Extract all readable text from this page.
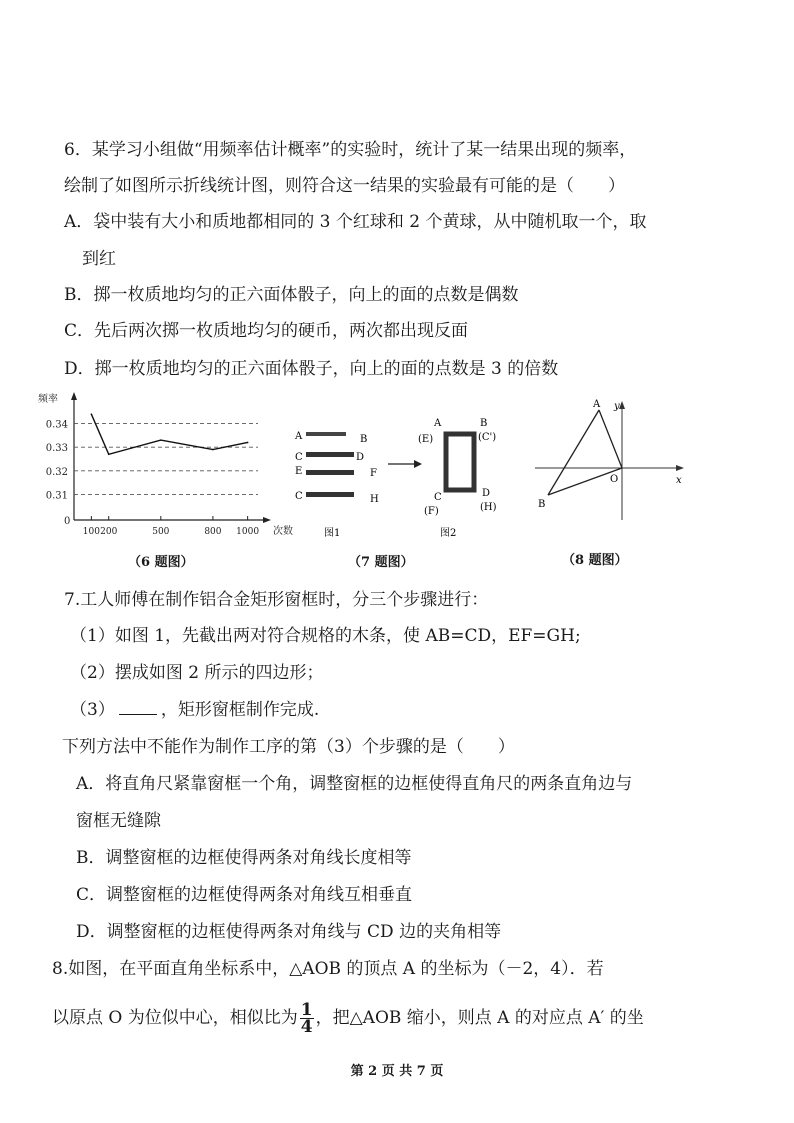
6．某学习小组做“用频率估计概率”的实验时，统计了某一结果出现的频率，
绘制了如图所示折线统计图，则符合这一结果的实验最有可能的是（　　）
A．袋中装有大小和质地都相同的 3 个红球和 2 个黄球，从中随机取一个，取
到红
B．掷一枚质地均匀的正六面体骰子，向上的面的点数是偶数
C．先后两次掷一枚质地均匀的硬币，两次都出现反面
D．掷一枚质地均匀的正六面体骰子，向上的面的点数是 3 的倍数
0.34
0.33
0.32
0.31
100 200	500	800 1000
频率
次数
0
（6 题图）
A	B
D
C
E	F
C	H
A
(E)
B
(C')
C
(F)
D
(H)
图1	图2
（7 题图）
A y
O
B
x
（8 题图）
7.工人师傅在制作铝合金矩形窗框时，分三个步骤进行：
（1）如图 1，先截出两对符合规格的木条，使 AB=CD，EF=GH;
（2）摆成如图 2 所示的四边形；
（3）	，矩形窗框制作完成.
下列方法中不能作为制作工序的第（3）个步骤的是（　　）
A．将直角尺紧靠窗框一个角，调整窗框的边框使得直角尺的两条直角边与
窗框无缝隙
B．调整窗框的边框使得两条对角线长度相等
C．调整窗框的边框使得两条对角线互相垂直
D．调整窗框的边框使得两条对角线与 CD 边的夹角相等
8.如图，在平面直角坐标系中，△AOB 的顶点 A 的坐标为（－2，4）．若
以原点 O 为位似中心，相似比为 $\frac{1}{4}$ ，把△AOB 缩小，则点 A 的对应点 A′ 的坐
第 2 页 共 7 页
